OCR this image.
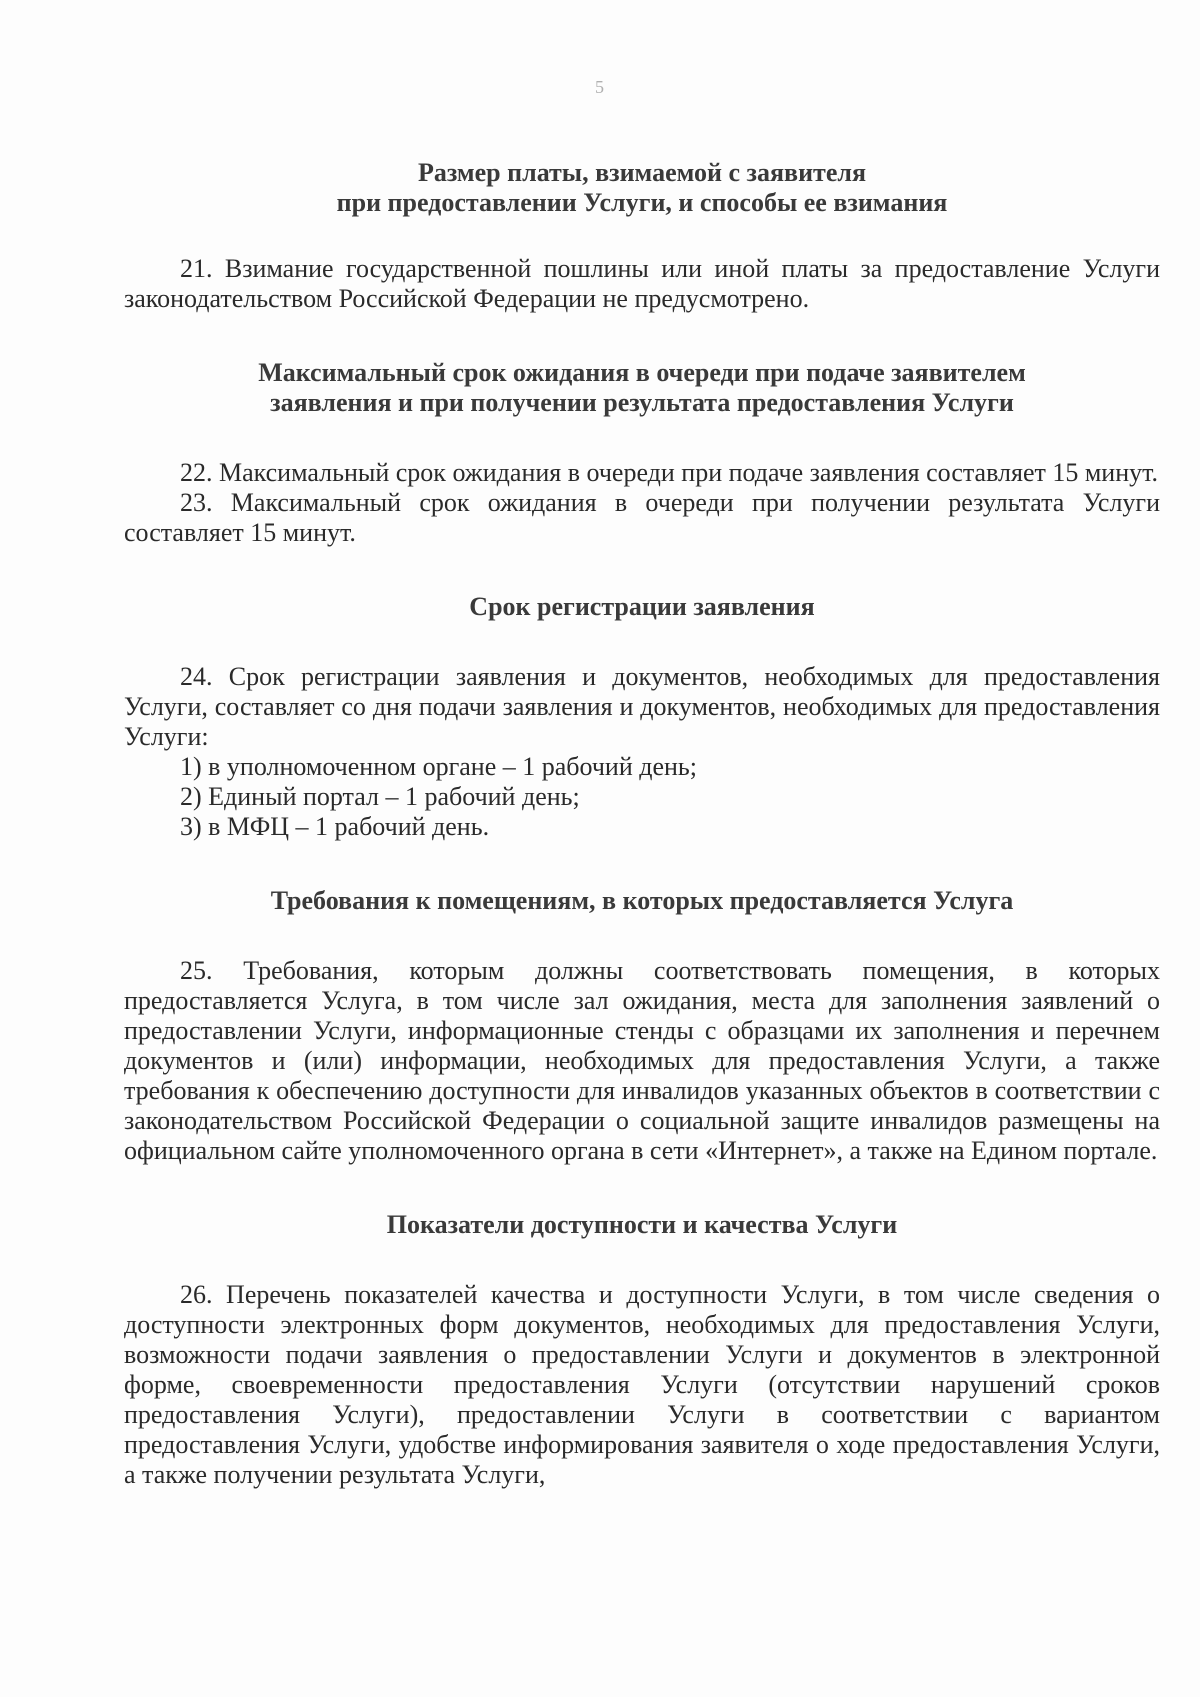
5
Размер платы, взимаемой с заявителя
при предоставлении Услуги, и способы ее взимания

21. Взимание государственной пошлины или иной платы за предоставление Услуги законодательством Российской Федерации не предусмотрено.

Максимальный срок ожидания в очереди при подаче заявителем
заявления и при получении результата предоставления Услуги

22. Максимальный срок ожидания в очереди при подаче заявления составляет 15 минут.

23. Максимальный срок ожидания в очереди при получении результата Услуги составляет 15 минут.

Срок регистрации заявления

24. Срок регистрации заявления и документов, необходимых для предоставления Услуги, составляет со дня подачи заявления и документов, необходимых для предоставления Услуги:

1) в уполномоченном органе – 1 рабочий день;

2) Единый портал – 1 рабочий день;

3) в МФЦ – 1 рабочий день.

Требования к помещениям, в которых предоставляется Услуга

25. Требования, которым должны соответствовать помещения, в которых предоставляется Услуга, в том числе зал ожидания, места для заполнения заявлений о предоставлении Услуги, информационные стенды с образцами их заполнения и перечнем документов и (или) информации, необходимых для предоставления Услуги, а также требования к обеспечению доступности для инвалидов указанных объектов в соответствии с законодательством Российской Федерации о социальной защите инвалидов размещены на официальном сайте уполномоченного органа в сети «Интернет», а также на Едином портале.

Показатели доступности и качества Услуги

26. Перечень показателей качества и доступности Услуги, в том числе сведения о доступности электронных форм документов, необходимых для предоставления Услуги, возможности подачи заявления о предоставлении Услуги и документов в электронной форме, своевременности предоставления Услуги (отсутствии нарушений сроков предоставления Услуги), предоставлении Услуги в соответствии с вариантом предоставления Услуги, удобстве информирования заявителя о ходе предоставления Услуги, а также получении результата Услуги,
